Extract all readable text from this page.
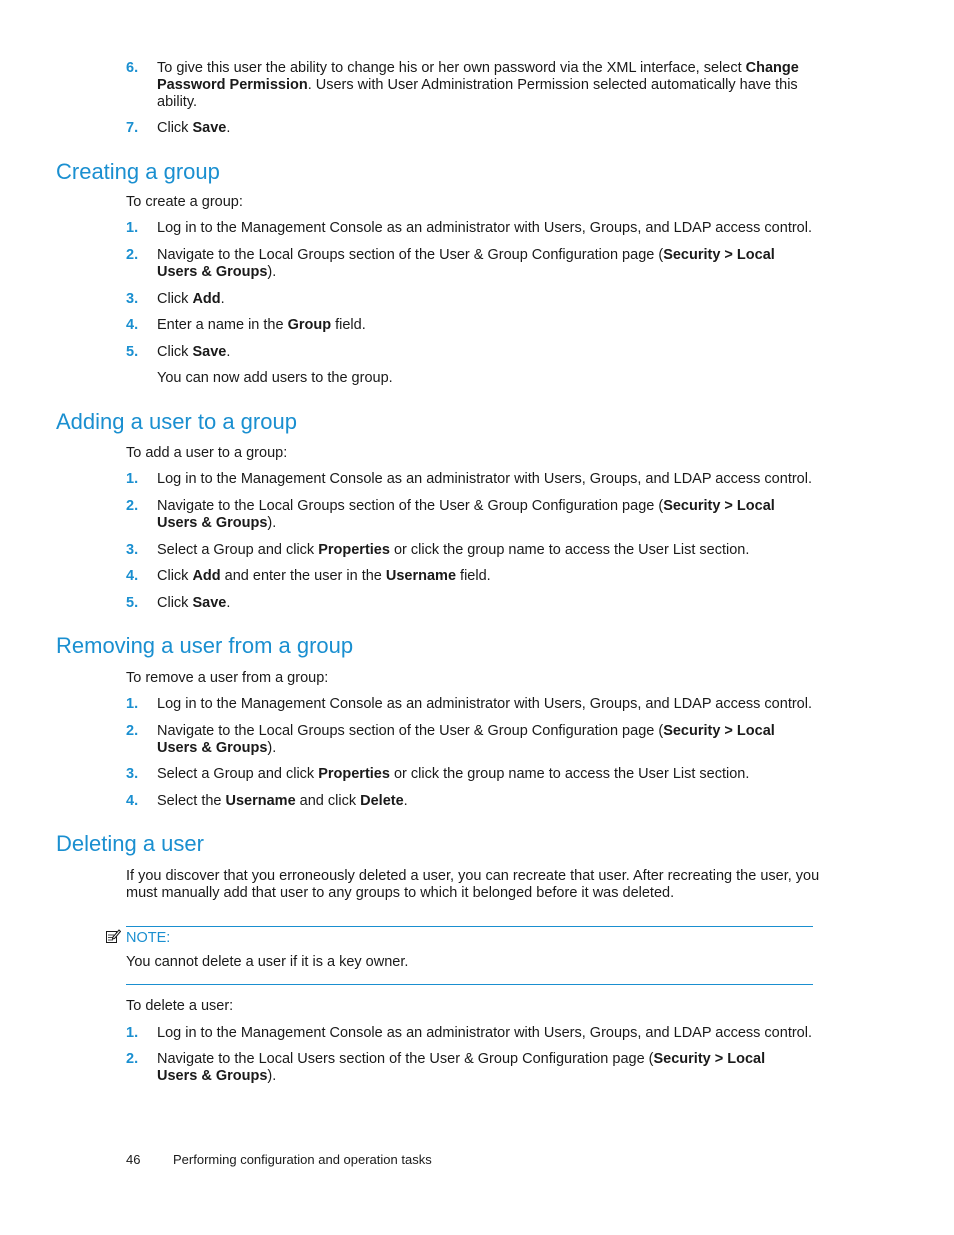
6. To give this user the ability to change his or her own password via the XML interface, select Change Password Permission. Users with User Administration Permission selected automatically have this ability.
7. Click Save.
Creating a group
To create a group:
1. Log in to the Management Console as an administrator with Users, Groups, and LDAP access control.
2. Navigate to the Local Groups section of the User & Group Configuration page (Security > Local Users & Groups).
3. Click Add.
4. Enter a name in the Group field.
5. Click Save.
You can now add users to the group.
Adding a user to a group
To add a user to a group:
1. Log in to the Management Console as an administrator with Users, Groups, and LDAP access control.
2. Navigate to the Local Groups section of the User & Group Configuration page (Security > Local Users & Groups).
3. Select a Group and click Properties or click the group name to access the User List section.
4. Click Add and enter the user in the Username field.
5. Click Save.
Removing a user from a group
To remove a user from a group:
1. Log in to the Management Console as an administrator with Users, Groups, and LDAP access control.
2. Navigate to the Local Groups section of the User & Group Configuration page (Security > Local Users & Groups).
3. Select a Group and click Properties or click the group name to access the User List section.
4. Select the Username and click Delete.
Deleting a user
If you discover that you erroneously deleted a user, you can recreate that user. After recreating the user, you must manually add that user to any groups to which it belonged before it was deleted.
NOTE:
You cannot delete a user if it is a key owner.
To delete a user:
1. Log in to the Management Console as an administrator with Users, Groups, and LDAP access control.
2. Navigate to the Local Users section of the User & Group Configuration page (Security > Local Users & Groups).
46	Performing configuration and operation tasks
